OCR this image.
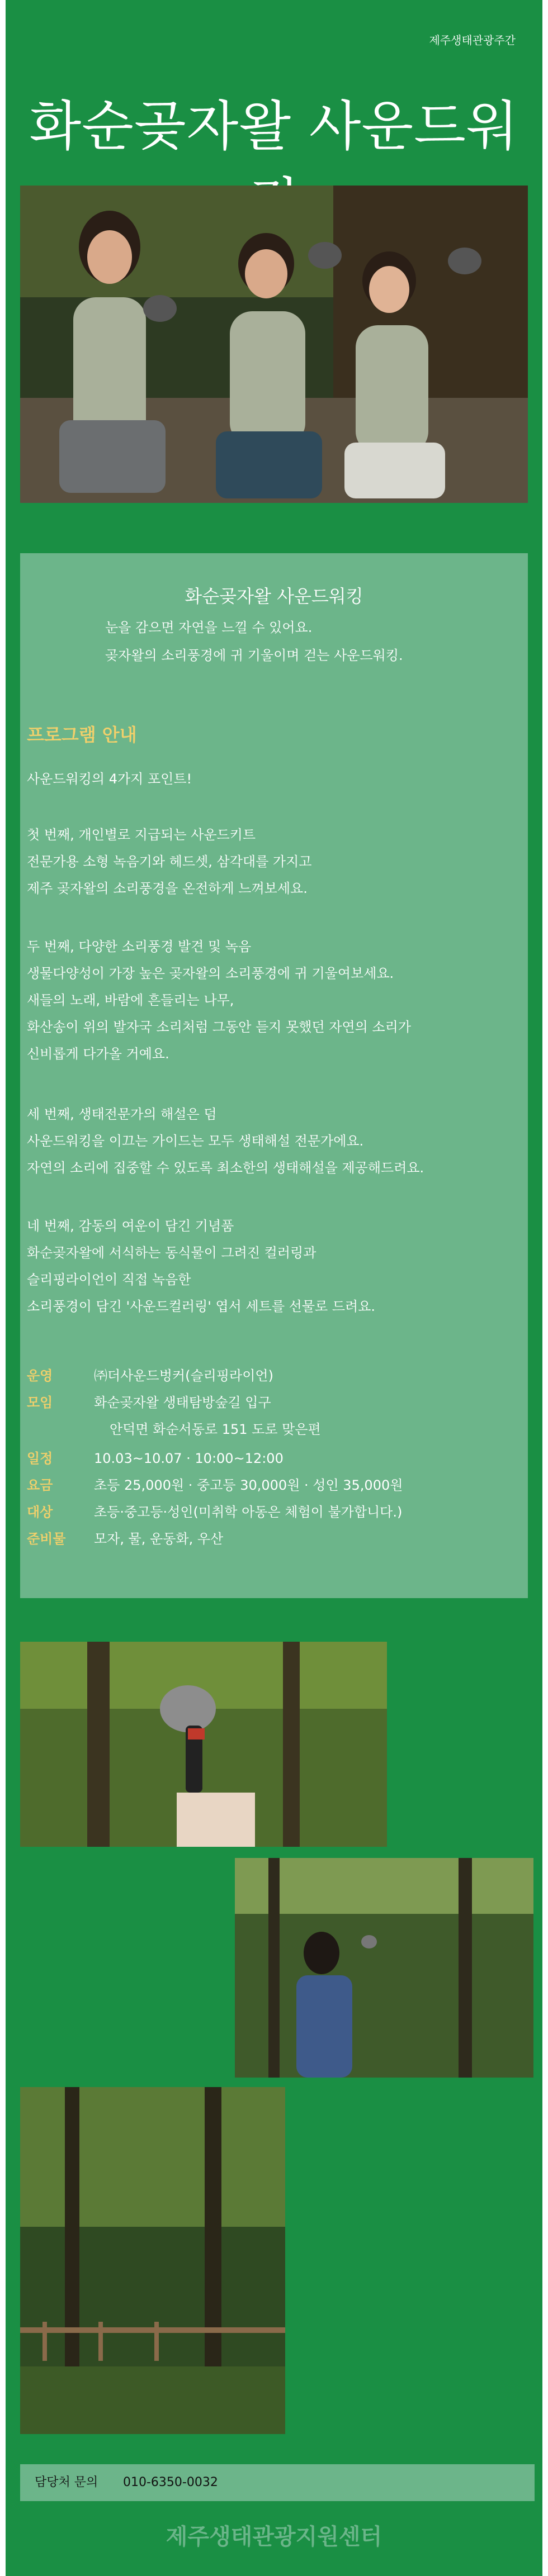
제주생태관광주간
화순곶자왈 사운드워
화순곶자왈 사운드워킹
눈을 감으면 자연을 느낄 수 있어요.
곶자왈의 소리풍경에 귀 기울이며 걷는 사운드워킹.
프로그램 안내
사운드워킹의 4가지 포인트!
첫 번째, 개인별로 지급되는 사운드키트
전문가용 소형 녹음기와 헤드셋, 삼각대를 가지고
제주 곶자왈의 소리풍경을 온전하게 느껴보세요.
두 번째, 다양한 소리풍경 발견 및 녹음
생물다양성이 가장 높은 곶자왈의 소리풍경에 귀 기울여보세요.
새들의 노래, 바람에 흔들리는 나무,
화산송이 위의 발자국 소리처럼 그동안 듣지 못했던 자연의 소리가
신비롭게 다가올 거예요.
세 번째, 생태전문가의 해설은 덤
사운드워킹을 이끄는 가이드는 모두 생태해설 전문가에요.
자연의 소리에 집중할 수 있도록 최소한의 생태해설을 제공해드려요.
네 번째, 감동의 여운이 담긴 기념품
화순곶자왈에 서식하는 동식물이 그려진 컬러링과
슬리핑라이언이 직접 녹음한
소리풍경이 담긴 '사운드컬러링' 엽서 세트를 선물로 드려요.
운영	㈜더사운드벙커(슬리핑라이언)
모임	화순곶자왈 생태탐방숲길 입구
안덕면 화순서동로 151 도로 맞은편
일정	10.03~10.07 · 10:00~12:00
요금	초등 25,000원 · 중고등 30,000원 · 성인 35,000원
대상	초등·중고등·성인(미취학 아동은 체험이 불가합니다.)
준비물 모자, 물, 운동화, 우산
담당처 문의 010-6350-0032
제주생태관광지원센터
